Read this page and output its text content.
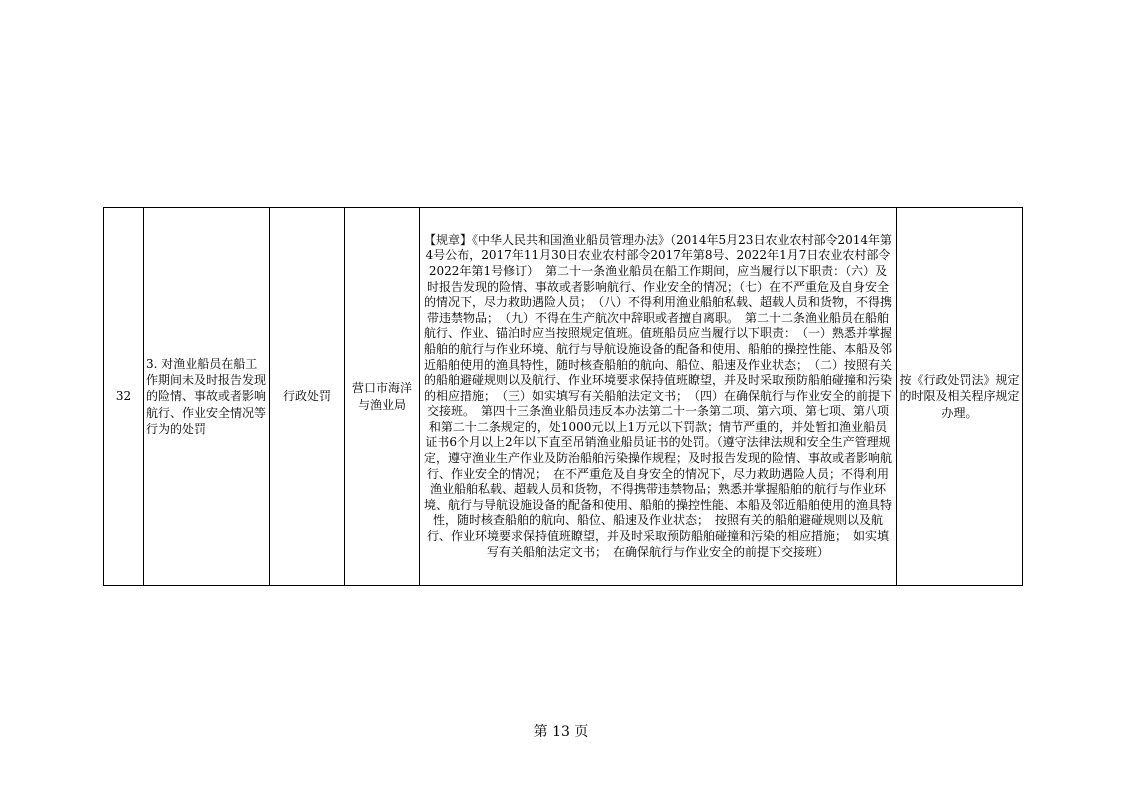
32	3. 对渔业船员在船工作期间未及时报告发现的险情、事故或者影响航行、作业安全情况等行为的处罚	行政处罚	营口市海洋与渔业局	【规章】《中华人民共和国渔业船员管理办法》（2014年5月23日农业农村部令2014年第4号公布，2017年11月30日农业农村部令2017年第8号、2022年1月7日农业农村部令2022年第1号修订）　第二十一条渔业船员在船工作期间，应当履行以下职责：（六）及时报告发现的险情、事故或者影响航行、作业安全的情况；（七）在不严重危及自身安全的情况下，尽力救助遇险人员；　（八）不得利用渔业船舶私载、超载人员和货物，不得携带违禁物品；　（九）不得在生产航次中辞职或者擅自离职。　第二十二条渔业船员在船舶航行、作业、锚泊时应当按照规定值班。值班船员应当履行以下职责：　（一）熟悉并掌握船舶的航行与作业环境、航行与导航设施设备的配备和使用、船舶的操控性能、本船及邻近船舶使用的渔具特性，随时核查船舶的航向、船位、船速及作业状态；　（二）按照有关的船舶避碰规则以及航行、作业环境要求保持值班瞭望，并及时采取预防船舶碰撞和污染的相应措施；　（三）如实填写有关船舶法定文书；　（四）在确保航行与作业安全的前提下交接班。　第四十三条渔业船员违反本办法第二十一条第二项、第六项、第七项、第八项和第二十二条规定的，处1000元以上1万元以下罚款；情节严重的，并处暂扣渔业船员证书6个月以上2年以下直至吊销渔业船员证书的处罚。（遵守法律法规和安全生产管理规定，遵守渔业生产作业及防治船舶污染操作规程；及时报告发现的险情、事故或者影响航行、作业安全的情况；　在不严重危及自身安全的情况下，尽力救助遇险人员；不得利用渔业船舶私载、超载人员和货物，不得携带违禁物品；熟悉并掌握船舶的航行与作业环境、航行与导航设施设备的配备和使用、船舶的操控性能、本船及邻近船舶使用的渔具特性，随时核查船舶的航向、船位、船速及作业状态；　按照有关的船舶避碰规则以及航行、作业环境要求保持值班瞭望，并及时采取预防船舶碰撞和污染的相应措施；　如实填写有关船舶法定文书；　在确保航行与作业安全的前提下交接班）	按《行政处罚法》规定的时限及相关程序规定办理。
第 13 页
